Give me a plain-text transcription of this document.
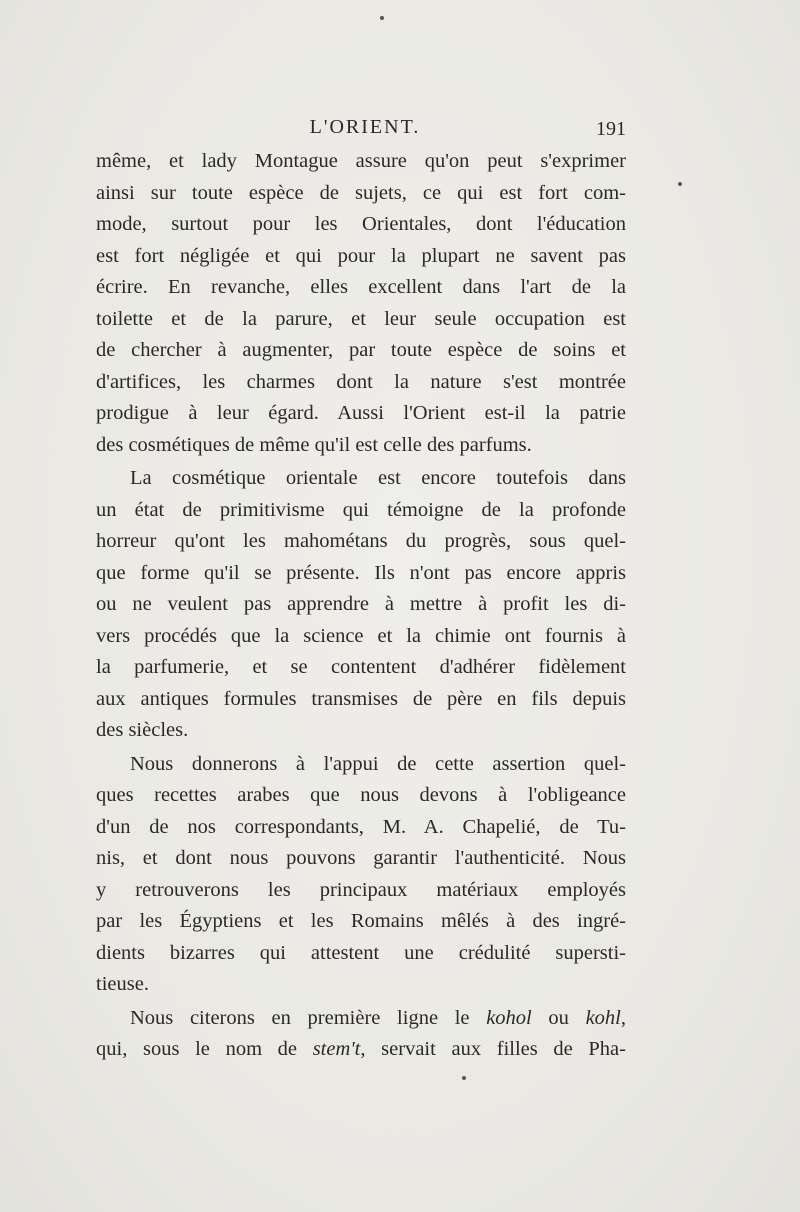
L'ORIENT.	191
même, et lady Montague assure qu'on peut s'exprimer
ainsi sur toute espèce de sujets, ce qui est fort com-
mode, surtout pour les Orientales, dont l'éducation
est fort négligée et qui pour la plupart ne savent pas
écrire. En revanche, elles excellent dans l'art de la
toilette et de la parure, et leur seule occupation est
de chercher à augmenter, par toute espèce de soins et
d'artifices, les charmes dont la nature s'est montrée
prodigue à leur égard. Aussi l'Orient est-il la patrie
des cosmétiques de même qu'il est celle des parfums.
La cosmétique orientale est encore toutefois dans
un état de primitivisme qui témoigne de la profonde
horreur qu'ont les mahométans du progrès, sous quel-
que forme qu'il se présente. Ils n'ont pas encore appris
ou ne veulent pas apprendre à mettre à profit les di-
vers procédés que la science et la chimie ont fournis à
la parfumerie, et se contentent d'adhérer fidèlement
aux antiques formules transmises de père en fils depuis
des siècles.
Nous donnerons à l'appui de cette assertion quel-
ques recettes arabes que nous devons à l'obligeance
d'un de nos correspondants, M. A. Chapelié, de Tu-
nis, et dont nous pouvons garantir l'authenticité. Nous
y retrouverons les principaux matériaux employés
par les Égyptiens et les Romains mêlés à des ingré-
dients bizarres qui attestent une crédulité supersti-
tieuse.
Nous citerons en première ligne le kohol ou kohl,
qui, sous le nom de stem't, servait aux filles de Pha-
